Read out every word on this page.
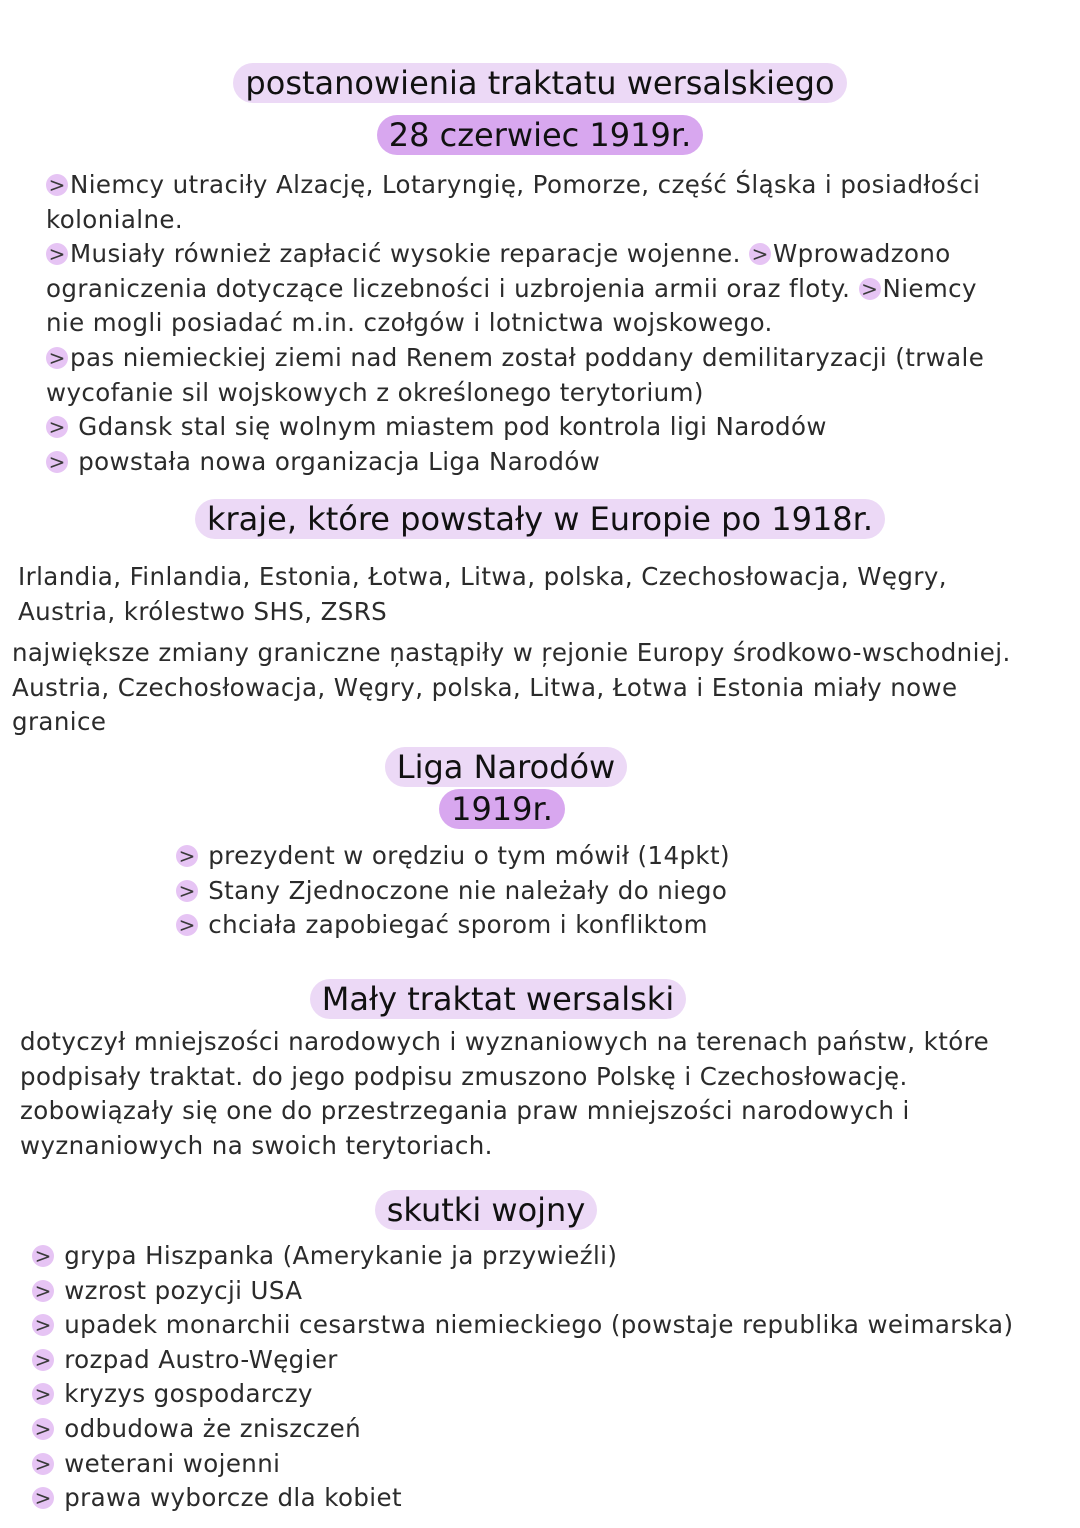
postanowienia traktatu wersalskiego
28 czerwiec 1919r.
>Niemcy utraciły Alzację, Lotaryngię, Pomorze, część Śląska i posiadłości
kolonialne.
>Musiały również zapłacić wysokie reparacje wojenne. > Wprowadzono
ograniczenia dotyczące liczebności i uzbrojenia armii oraz floty. > Niemcy
nie mogli posiadać m.in. czołgów i lotnictwa wojskowego.
>pas niemieckiej ziemi nad Renem został poddany demilitaryzacji (trwale
wycofanie sil wojskowych z określonego terytorium)
> Gdansk stal się wolnym miastem pod kontrola ligi Narodów
> powstała nowa organizacja Liga Narodów
kraje, które powstały w Europie po 1918r.
Irlandia, Finlandia, Estonia, Łotwa, Litwa, polska, Czechosłowacja, Węgry,
Austria, królestwo SHS, ZSRS
największe zmiany graniczne ņastąpiły w ŗejonie Europy środkowo-wschodniej.
Austria, Czechosłowacja, Węgry, polska, Litwa, Łotwa i Estonia miały nowe
granice
Liga Narodów
1919r.
> prezydent w orędziu o tym mówił (14pkt)
> Stany Zjednoczone nie należały do niego
> chciała zapobiegać sporom i konfliktom
Mały traktat wersalski
dotyczył mniejszości narodowych i wyznaniowych na terenach państw, które
podpisały traktat. do jego podpisu zmuszono Polskę i Czechosłowację.
zobowiązały się one do przestrzegania praw mniejszości narodowych i
wyznaniowych na swoich terytoriach.
skutki wojny
> grypa Hiszpanka (Amerykanie ja przywieźli)
> wzrost pozycji USA
> upadek monarchii cesarstwa niemieckiego (powstaje republika weimarska)
> rozpad Austro-Węgier
> kryzys gospodarczy
> odbudowa że zniszczeń
> weterani wojenni
> prawa wyborcze dla kobiet
